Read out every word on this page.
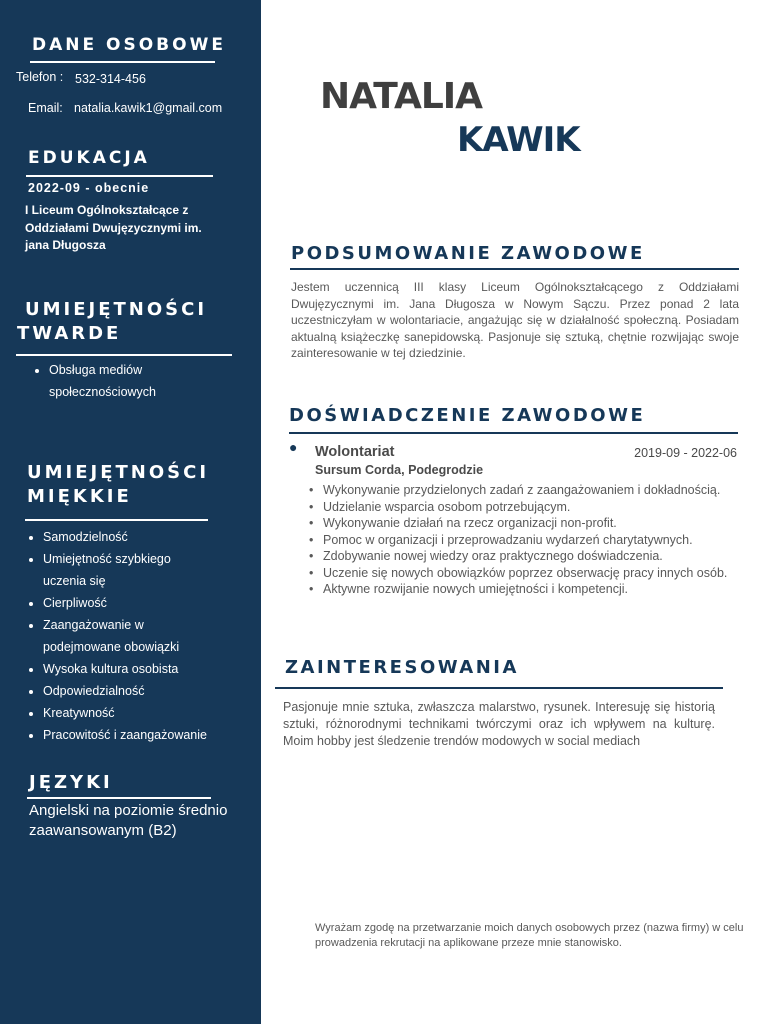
DANE OSOBOWE
Telefon : 532-314-456
Email: natalia.kawik1@gmail.com
EDUKACJA
2022-09 - obecnie
I Liceum Ogólnokształcące z Oddziałami Dwujęzycznymi im. jana Długosza
UMIEJĘTNOŚCI
TWARDE
• Obsługa mediów społecznościowych
UMIEJĘTNOŚCI
MIĘKKIE
• Samodzielność
• Umiejętność szybkiego uczenia się
• Cierpliwość
• Zaangażowanie w podejmowane obowiązki
• Wysoka kultura osobista
• Odpowiedzialność
• Kreatywność
• Pracowitość i zaangażowanie
JĘZYKI
Angielski na poziomie średnio zaawansowanym (B2)
NATALIA
KAWIK
PODSUMOWANIE ZAWODOWE

Jestem uczennicą III klasy Liceum Ogólnokształcącego z Oddziałami Dwujęzycznymi im. Jana Długosza w Nowym Sączu. Przez ponad 2 lata uczestniczyłam w wolontariacie, angażując się w działalność społeczną. Posiadam aktualną książeczkę sanepidowską. Pasjonuje się sztuką, chętnie rozwijając swoje zainteresowanie w tej dziedzinie.

DOŚWIADCZENIE ZAWODOWE
● Wolontariat	2019-09 - 2022-06
Sursum Corda, Podegrodzie
• Wykonywanie przydzielonych zadań z zaangażowaniem i dokładnością.
• Udzielanie wsparcia osobom potrzebującym.
• Wykonywanie działań na rzecz organizacji non-profit.
• Pomoc w organizacji i przeprowadzaniu wydarzeń charytatywnych.
• Zdobywanie nowej wiedzy oraz praktycznego doświadczenia.
• Uczenie się nowych obowiązków poprzez obserwację pracy innych osób.
• Aktywne rozwijanie nowych umiejętności i kompetencji.
ZAINTERESOWANIA

Pasjonuje mnie sztuka, zwłaszcza malarstwo, rysunek. Interesuję się historią sztuki, różnorodnymi technikami twórczymi oraz ich wpływem na kulturę. Moim hobby jest śledzenie trendów modowych w social mediach

Wyrażam zgodę na przetwarzanie moich danych osobowych przez (nazwa firmy) w celu prowadzenia rekrutacji na aplikowane przeze mnie stanowisko.
